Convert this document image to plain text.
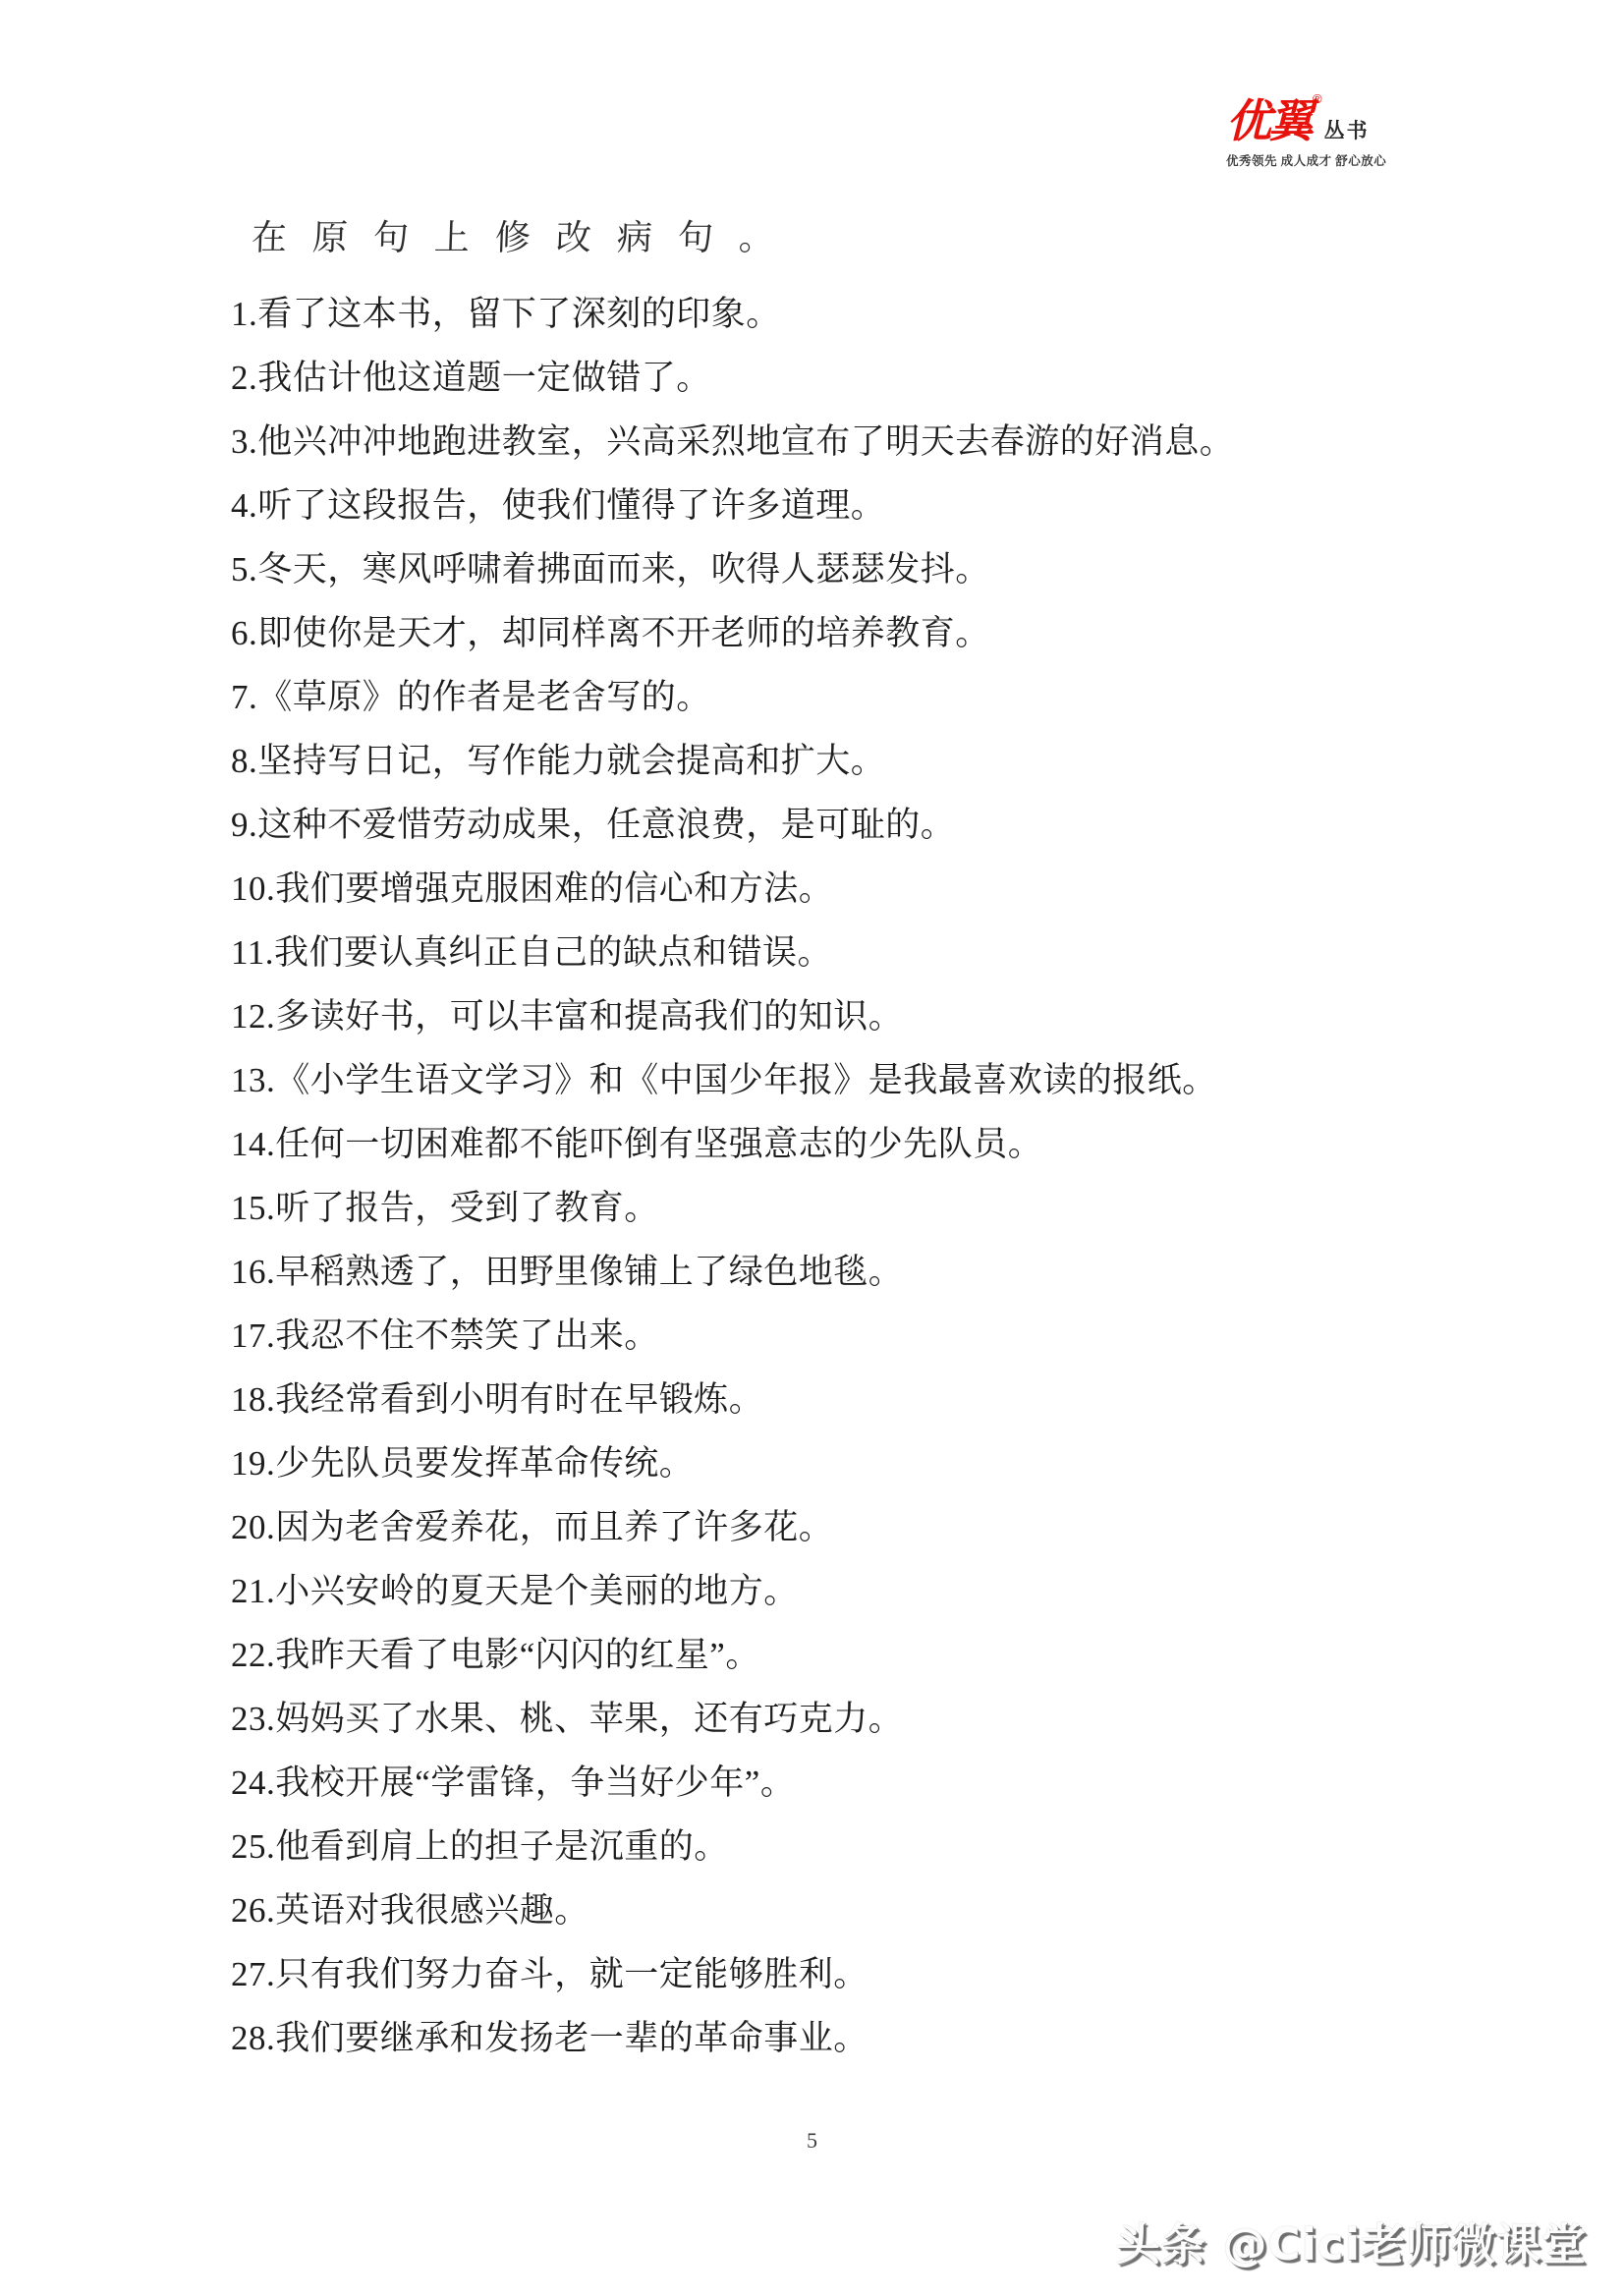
优翼 ®
丛书
优秀领先 成人成才 舒心放心
在原句上修改病句。
1.看了这本书，留下了深刻的印象。
2.我估计他这道题一定做错了。
3.他兴冲冲地跑进教室，兴高采烈地宣布了明天去春游的好消息。
4.听了这段报告，使我们懂得了许多道理。
5.冬天，寒风呼啸着拂面而来，吹得人瑟瑟发抖。
6.即使你是天才，却同样离不开老师的培养教育。
7.《草原》的作者是老舍写的。
8.坚持写日记，写作能力就会提高和扩大。
9.这种不爱惜劳动成果，任意浪费，是可耻的。
10.我们要增强克服困难的信心和方法。
11.我们要认真纠正自己的缺点和错误。
12.多读好书，可以丰富和提高我们的知识。
13.《小学生语文学习》和《中国少年报》是我最喜欢读的报纸。
14.任何一切困难都不能吓倒有坚强意志的少先队员。
15.听了报告，受到了教育。
16.早稻熟透了，田野里像铺上了绿色地毯。
17.我忍不住不禁笑了出来。
18.我经常看到小明有时在早锻炼。
19.少先队员要发挥革命传统。
20.因为老舍爱养花，而且养了许多花。
21.小兴安岭的夏天是个美丽的地方。
22.我昨天看了电影“闪闪的红星”。
23.妈妈买了水果、桃、苹果，还有巧克力。
24.我校开展“学雷锋，争当好少年”。
25.他看到肩上的担子是沉重的。
26.英语对我很感兴趣。
27.只有我们努力奋斗，就一定能够胜利。
28.我们要继承和发扬老一辈的革命事业。
5
头条 @Cici老师微课堂
